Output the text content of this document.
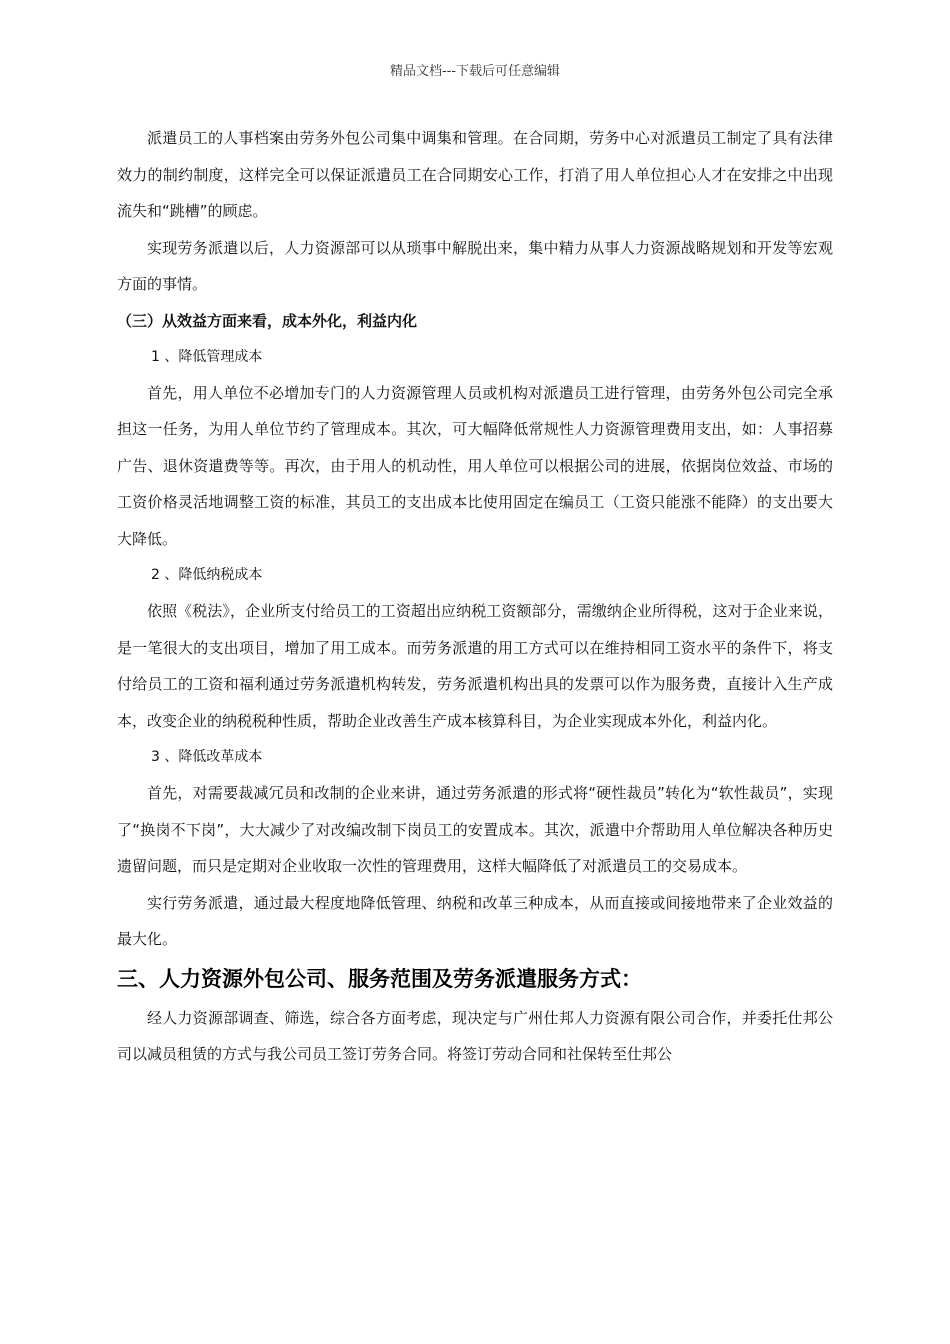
精品文档---下载后可任意编辑

派遣员工的人事档案由劳务外包公司集中调集和管理。在合同期，劳务中心对派遣员工制定了具有法律效力的制约制度，这样完全可以保证派遣员工在合同期安心工作，打消了用人单位担心人才在安排之中出现流失和“跳槽”的顾虑。

实现劳务派遣以后，人力资源部可以从琐事中解脱出来，集中精力从事人力资源战略规划和开发等宏观方面的事情。

（三）从效益方面来看，成本外化，利益内化

1 、降低管理成本

首先，用人单位不必增加专门的人力资源管理人员或机构对派遣员工进行管理，由劳务外包公司完全承担这一任务，为用人单位节约了管理成本。其次，可大幅降低常规性人力资源管理费用支出，如：人事招募广告、退休资遣费等等。再次，由于用人的机动性，用人单位可以根据公司的进展，依据岗位效益、市场的工资价格灵活地调整工资的标准，其员工的支出成本比使用固定在编员工（工资只能涨不能降）的支出要大大降低。

2 、降低纳税成本

依照《税法》，企业所支付给员工的工资超出应纳税工资额部分，需缴纳企业所得税，这对于企业来说，是一笔很大的支出项目，增加了用工成本。而劳务派遣的用工方式可以在维持相同工资水平的条件下，将支付给员工的工资和福利通过劳务派遣机构转发，劳务派遣机构出具的发票可以作为服务费，直接计入生产成本，改变企业的纳税税种性质，帮助企业改善生产成本核算科目，为企业实现成本外化，利益内化。

3 、降低改革成本

首先，对需要裁减冗员和改制的企业来讲，通过劳务派遣的形式将“硬性裁员”转化为“软性裁员”，实现了“换岗不下岗”，大大减少了对改编改制下岗员工的安置成本。其次，派遣中介帮助用人单位解决各种历史遗留问题，而只是定期对企业收取一次性的管理费用，这样大幅降低了对派遣员工的交易成本。

实行劳务派遣，通过最大程度地降低管理、纳税和改革三种成本，从而直接或间接地带来了企业效益的最大化。

三、人力资源外包公司、服务范围及劳务派遣服务方式：

经人力资源部调查、筛选，综合各方面考虑，现决定与广州仕邦人力资源有限公司合作，并委托仕邦公司以减员租赁的方式与我公司员工签订劳务合同。将签订劳动合同和社保转至仕邦公
